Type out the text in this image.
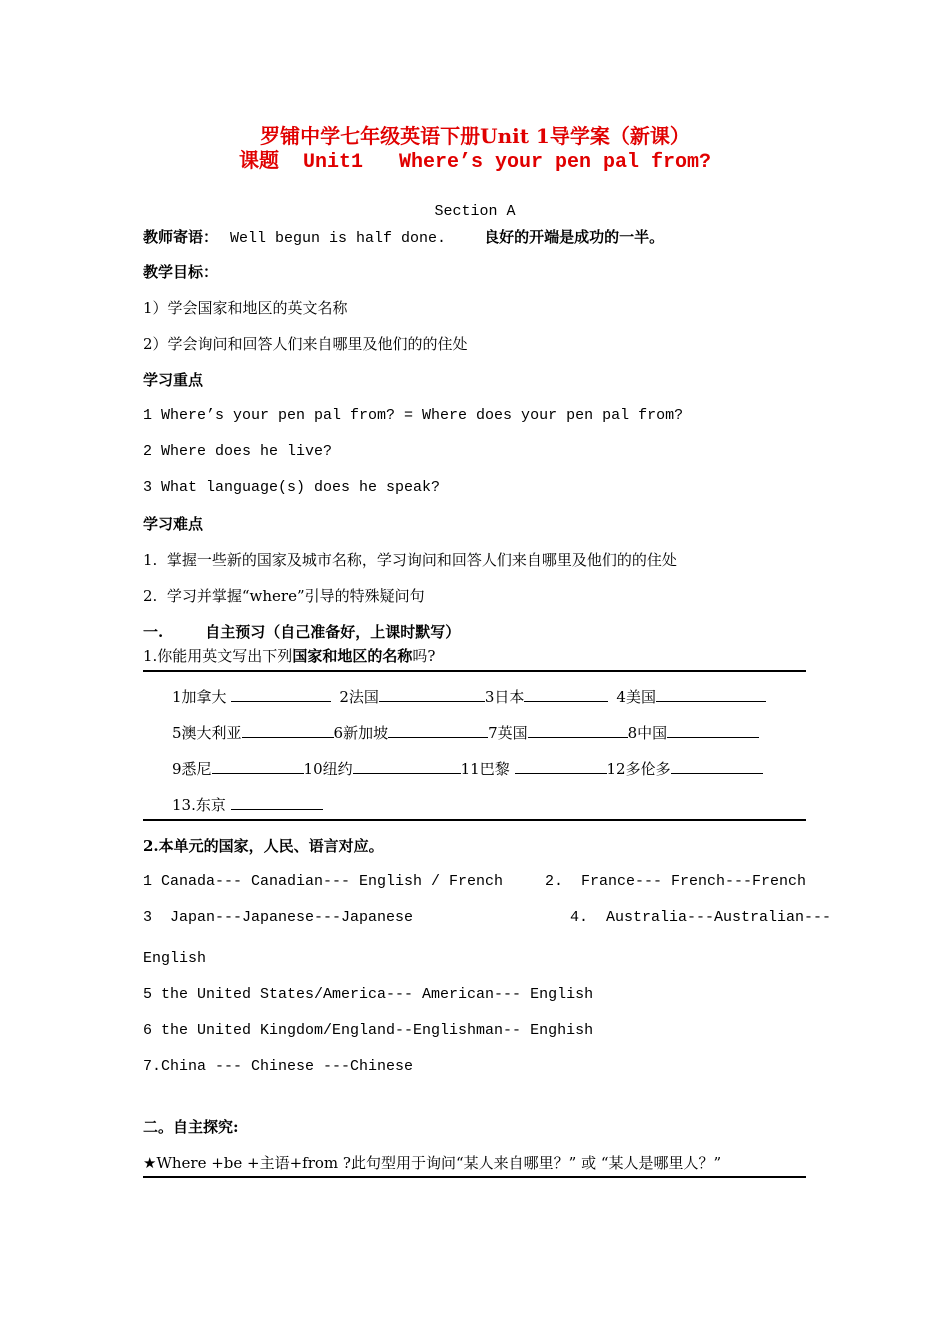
罗铺中学七年级英语下册Unit 1导学案（新课）
课题  Unit1   Where’s your pen pal from?
Section A
教师寄语： Well begun is half done.	良好的开端是成功的一半。
教学目标：
1）学会国家和地区的英文名称
2）学会询问和回答人们来自哪里及他们的的住处
学习重点
1 Where’s your pen pal from? = Where does your pen pal from?
2 Where does he live?
3 What language(s) does he speak?
学习难点
1.  掌握一些新的国家及城市名称，学习询问和回答人们来自哪里及他们的的住处
2.  学习并掌握“where”引导的特殊疑问句
一.	自主预习（自己准备好，上课时默写）
1.你能用英文写出下列国家和地区的名称吗?
1加拿大	2法国	3日本	4美国
5澳大利亚	6新加坡	7英国	8中国
9悉尼	10纽约	11巴黎	12多伦多
13.东京
2.本单元的国家，人民、语言对应。
1 Canada--- Canadian--- English / French	2.  France--- French---French
3  Japan---Japanese---Japanese	4.  Australia---Australian---
English
5 the United States/America--- American--- English
6 the United Kingdom/England--Englishman-- Enghish
7.China --- Chinese ---Chinese
二。自主探究:
★Where +be +主语+from ?此句型用于询问“某人来自哪里？” 或 “某人是哪里人？”
